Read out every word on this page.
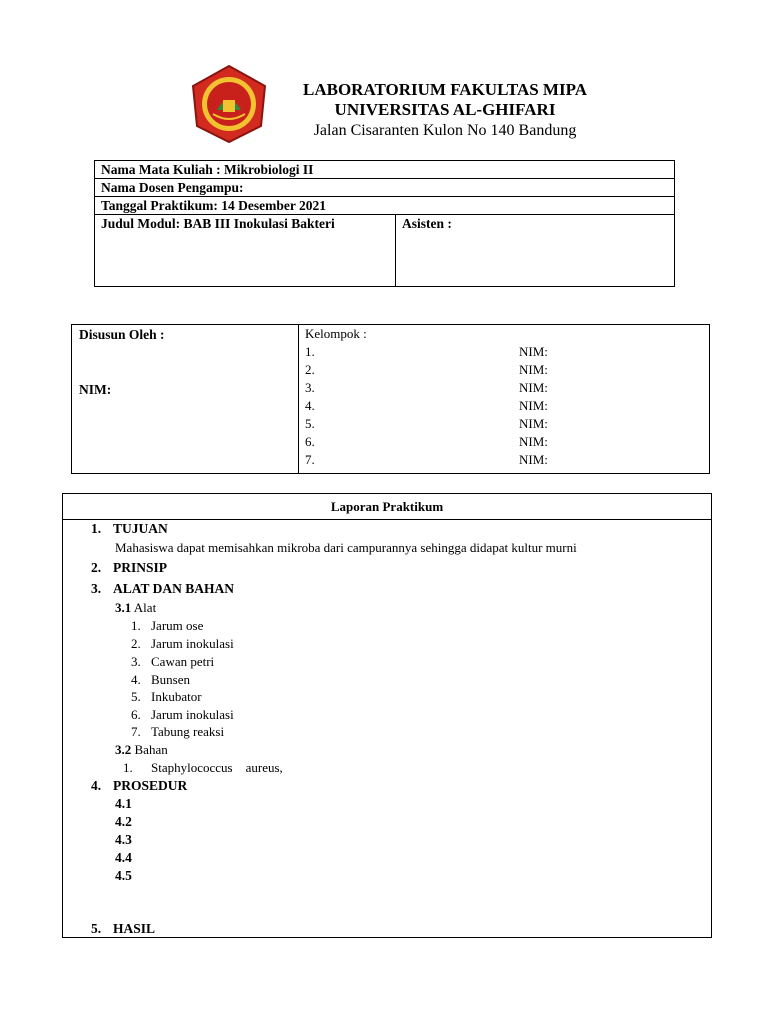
LABORATORIUM FAKULTAS MIPA
UNIVERSITAS AL-GHIFARI
Jalan Cisaranten Kulon No 140 Bandung
Nama Mata Kuliah : Mikrobiologi II
Nama Dosen Pengampu:
Tanggal Praktikum: 14 Desember 2021
Judul Modul: BAB III Inokulasi Bakteri	Asisten :
Disusun Oleh :
NIM:

Kelompok :
1.	NIM:
2.	NIM:
3.	NIM:
4.	NIM:
5.	NIM:
6.	NIM:
7.	NIM:
Laporan Praktikum
1. TUJUAN
Mahasiswa dapat memisahkan mikroba dari campurannya sehingga didapat kultur murni
2. PRINSIP
3. ALAT DAN BAHAN
3.1 Alat
1. Jarum ose
2. Jarum inokulasi
3. Cawan petri
4. Bunsen
5. Inkubator
6. Jarum inokulasi
7. Tabung reaksi
3.2 Bahan
1. Staphylococcus    aureus,
4. PROSEDUR
4.1
4.2
4.3
4.4
4.5
5. HASIL
